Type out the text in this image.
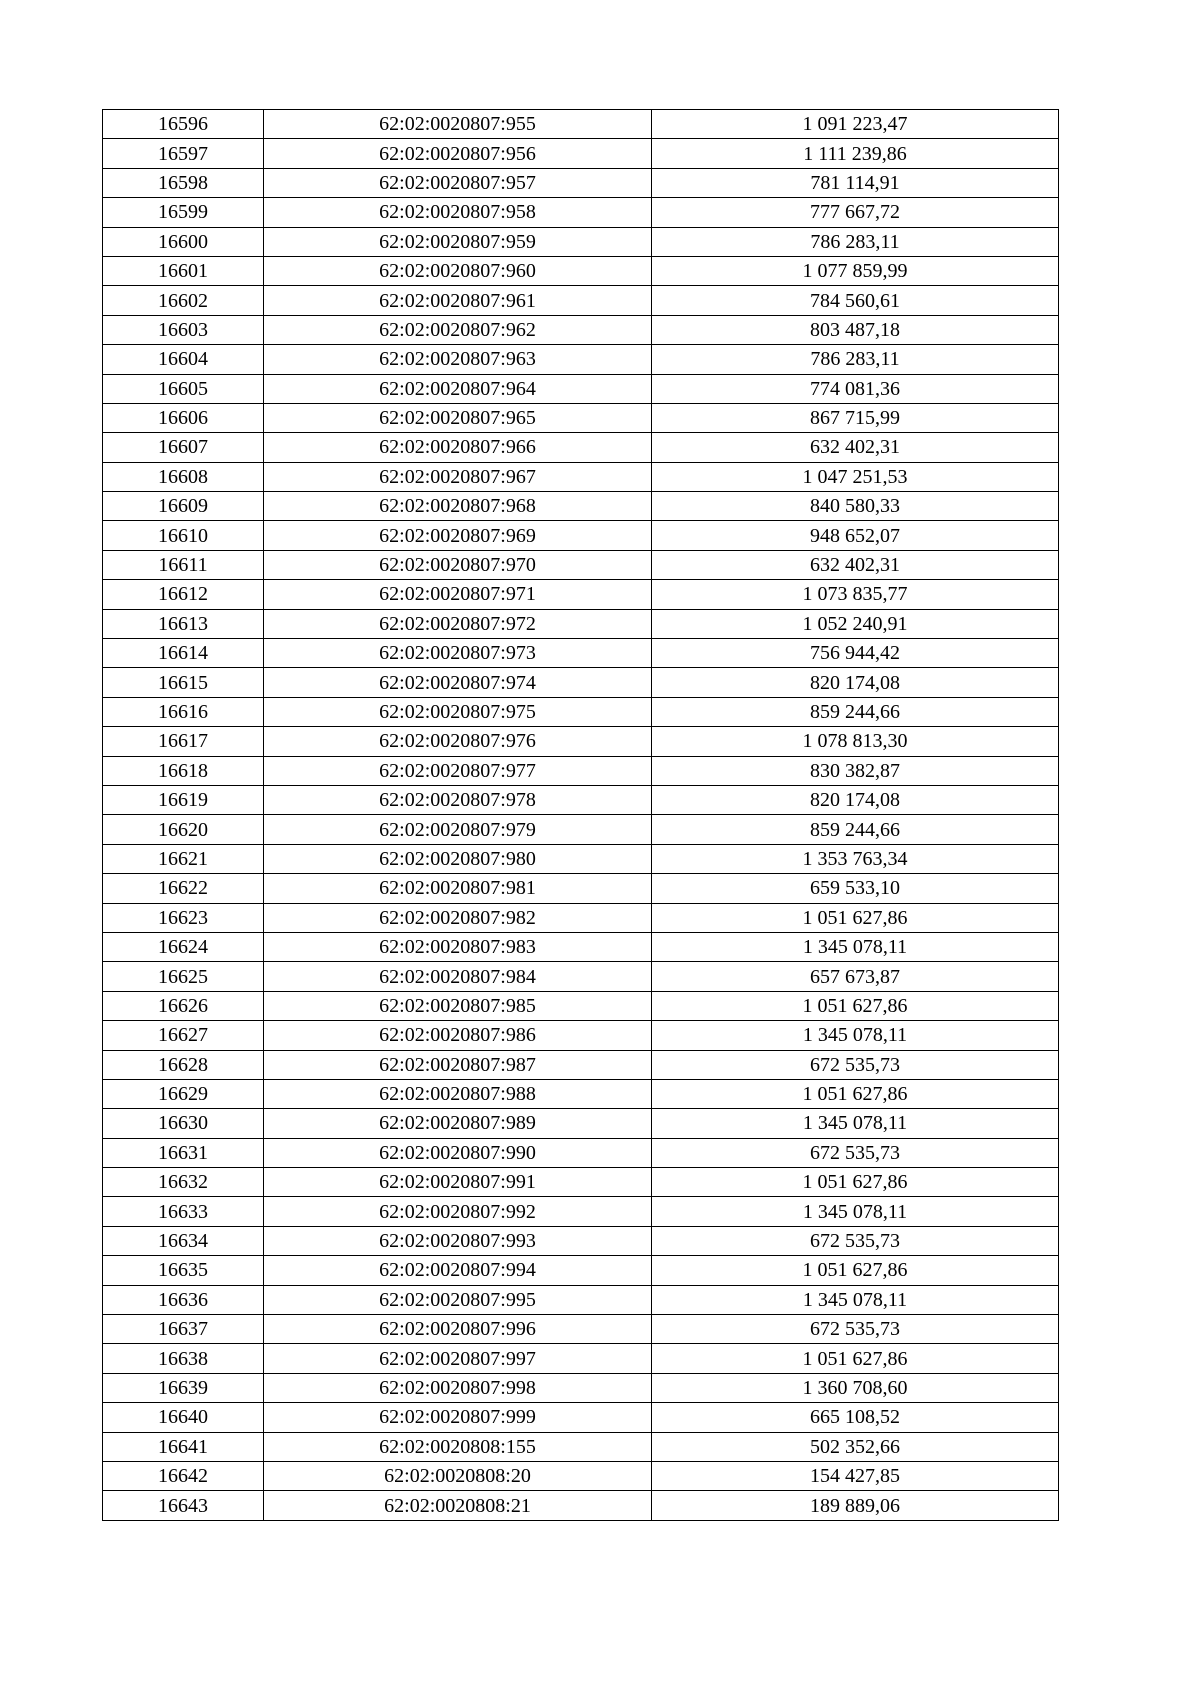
16596	62:02:0020807:955	1 091 223,47
16597	62:02:0020807:956	1 111 239,86
16598	62:02:0020807:957	781 114,91
16599	62:02:0020807:958	777 667,72
16600	62:02:0020807:959	786 283,11
16601	62:02:0020807:960	1 077 859,99
16602	62:02:0020807:961	784 560,61
16603	62:02:0020807:962	803 487,18
16604	62:02:0020807:963	786 283,11
16605	62:02:0020807:964	774 081,36
16606	62:02:0020807:965	867 715,99
16607	62:02:0020807:966	632 402,31
16608	62:02:0020807:967	1 047 251,53
16609	62:02:0020807:968	840 580,33
16610	62:02:0020807:969	948 652,07
16611	62:02:0020807:970	632 402,31
16612	62:02:0020807:971	1 073 835,77
16613	62:02:0020807:972	1 052 240,91
16614	62:02:0020807:973	756 944,42
16615	62:02:0020807:974	820 174,08
16616	62:02:0020807:975	859 244,66
16617	62:02:0020807:976	1 078 813,30
16618	62:02:0020807:977	830 382,87
16619	62:02:0020807:978	820 174,08
16620	62:02:0020807:979	859 244,66
16621	62:02:0020807:980	1 353 763,34
16622	62:02:0020807:981	659 533,10
16623	62:02:0020807:982	1 051 627,86
16624	62:02:0020807:983	1 345 078,11
16625	62:02:0020807:984	657 673,87
16626	62:02:0020807:985	1 051 627,86
16627	62:02:0020807:986	1 345 078,11
16628	62:02:0020807:987	672 535,73
16629	62:02:0020807:988	1 051 627,86
16630	62:02:0020807:989	1 345 078,11
16631	62:02:0020807:990	672 535,73
16632	62:02:0020807:991	1 051 627,86
16633	62:02:0020807:992	1 345 078,11
16634	62:02:0020807:993	672 535,73
16635	62:02:0020807:994	1 051 627,86
16636	62:02:0020807:995	1 345 078,11
16637	62:02:0020807:996	672 535,73
16638	62:02:0020807:997	1 051 627,86
16639	62:02:0020807:998	1 360 708,60
16640	62:02:0020807:999	665 108,52
16641	62:02:0020808:155	502 352,66
16642	62:02:0020808:20	154 427,85
16643	62:02:0020808:21	189 889,06
